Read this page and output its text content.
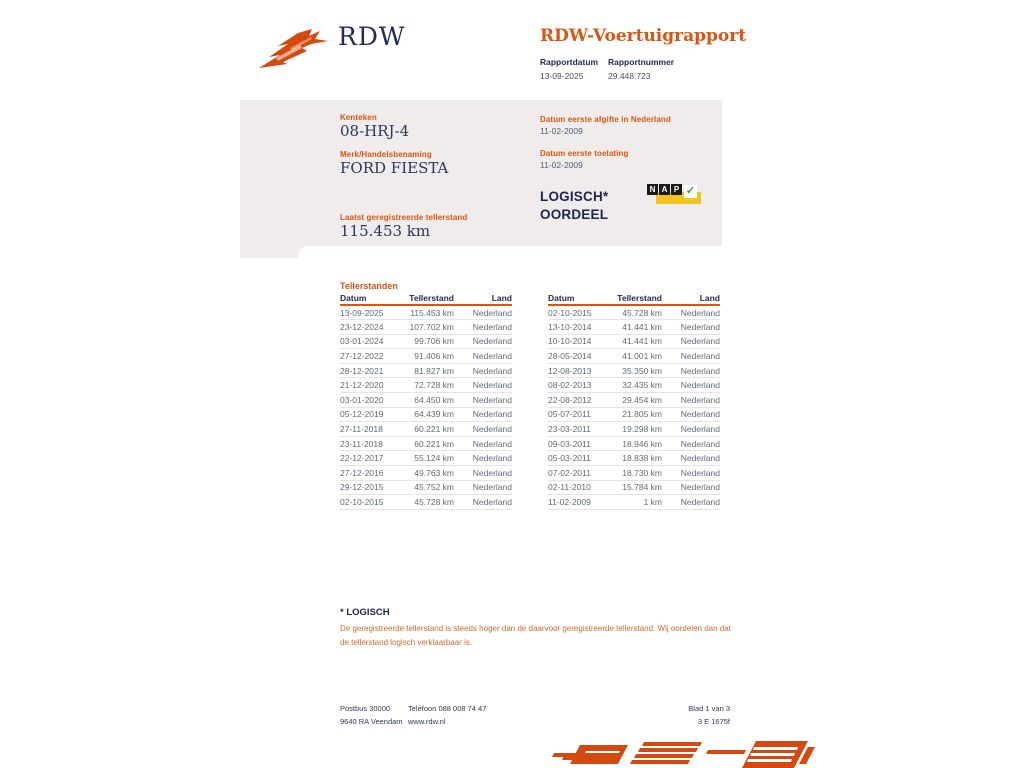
RDW	RDW-Voertuigrapport
Rapportdatum
13-09-2025
Rapportnummer
29.448.723
Kenteken
08-HRJ-4
Merk/Handelsbenaming
FORD FIESTA
Laatst geregistreerde tellerstand
115.453 km
Datum eerste afgifte in Nederland
11-02-2009
Datum eerste toelating
11-02-2009
LOGISCH*
OORDEEL
N A P ✓
Tellerstanden
Datum	Tellerstand	Land
13-09-2025	115.453 km	Nederland
23-12-2024	107.702 km	Nederland
03-01-2024	99.706 km	Nederland
27-12-2022	91.406 km	Nederland
28-12-2021	81.827 km	Nederland
21-12-2020	72.728 km	Nederland
03-01-2020	64.450 km	Nederland
05-12-2019	64.439 km	Nederland
27-11-2018	60.221 km	Nederland
23-11-2018	60.221 km	Nederland
22-12-2017	55.124 km	Nederland
27-12-2016	49.763 km	Nederland
29-12-2015	45.752 km	Nederland
02-10-2015	45.728 km	Nederland
Datum	Tellerstand	Land
02-10-2015	45.728 km	Nederland
13-10-2014	41.441 km	Nederland
10-10-2014	41.441 km	Nederland
28-05-2014	41.001 km	Nederland
12-08-2013	35.350 km	Nederland
08-02-2013	32.435 km	Nederland
22-08-2012	29.454 km	Nederland
05-07-2011	21.805 km	Nederland
23-03-2011	19.298 km	Nederland
09-03-2011	18.946 km	Nederland
05-03-2011	18.838 km	Nederland
07-02-2011	18.730 km	Nederland
02-11-2010	15.784 km	Nederland
11-02-2009	1 km	Nederland
* LOGISCH
De geregistreerde tellerstand is steeds hoger dan de daarvoor geregistreerde tellerstand. Wij oordelen dan dat de tellerstand logisch verklaarbaar is.
Postbus 30000
9640 RA Veendam
Telefoon 088 008 74 47
www.rdw.nl
Blad 1 van 3
3 E 1675f
